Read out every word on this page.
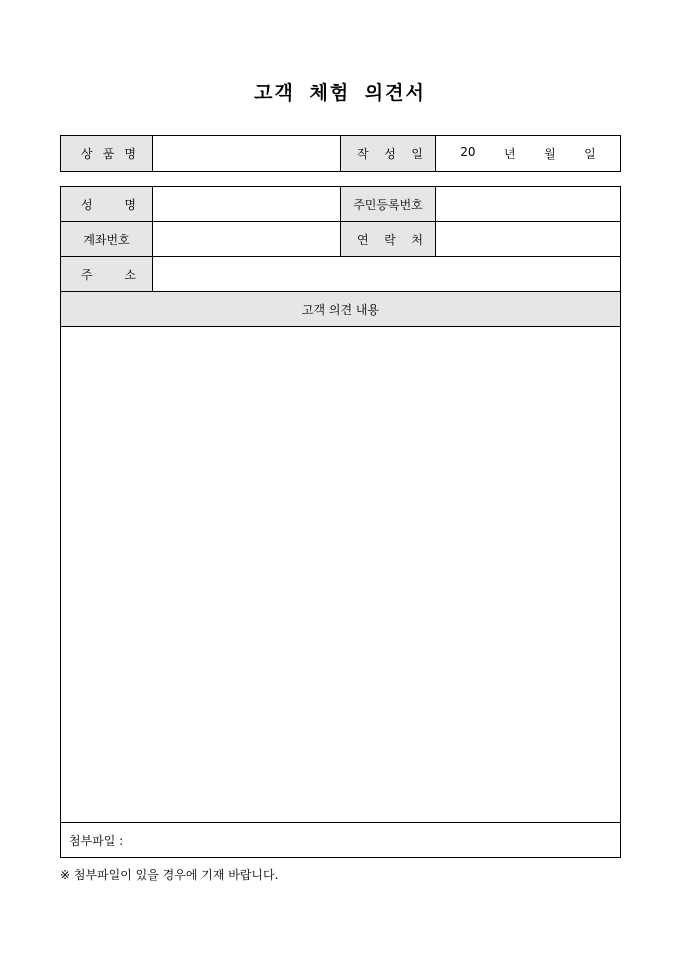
고객 체험 의견서
상 품 명		작 성 일	20 년 월 일
성 명		주민등록번호	
계좌번호		연 락 처	

주 소			

고객 의견 내용			

첨부파일 :			
※ 첨부파일이 있을 경우에 기재 바랍니다.
